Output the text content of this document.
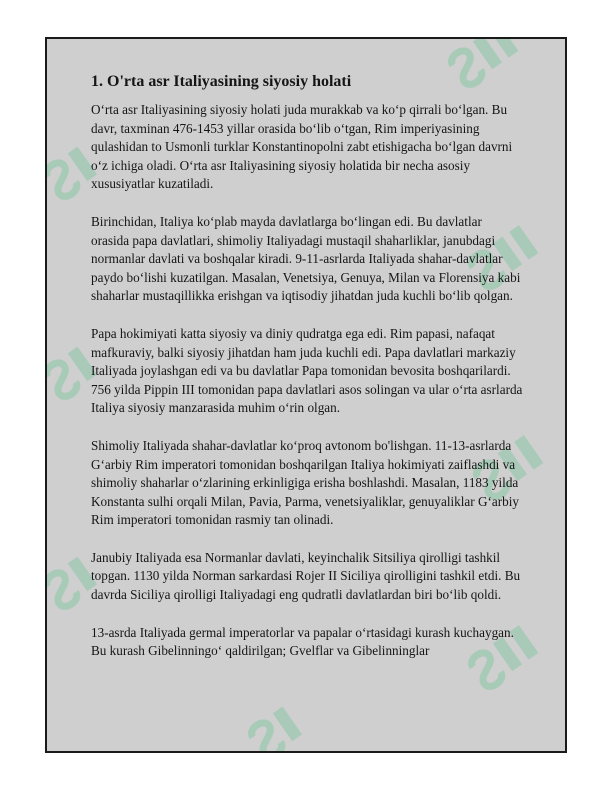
1. O'rta asr Italiyasining siyosiy holati

O‘rta asr Italiyasining siyosiy holati juda murakkab va ko‘p qirrali bo‘lgan. Bu davr, taxminan 476-1453 yillar orasida bo‘lib o‘tgan, Rim imperiyasining qulashidan to Usmonli turklar Konstantinopolni zabt etishigacha bo‘lgan davrni o‘z ichiga oladi. O‘rta asr Italiyasining siyosiy holatida bir necha asosiy xususiyatlar kuzatiladi.

Birinchidan, Italiya ko‘plab mayda davlatlarga bo‘lingan edi. Bu davlatlar orasida papa davlatlari, shimoliy Italiyadagi mustaqil shaharliklar, janubdagi normanlar davlati va boshqalar kiradi. 9-11-asrlarda Italiyada shahar-davlatlar paydo bo‘lishi kuzatilgan. Masalan, Venetsiya, Genuya, Milan va Florensiya kabi shaharlar mustaqillikka erishgan va iqtisodiy jihatdan juda kuchli bo‘lib qolgan.

Papa hokimiyati katta siyosiy va diniy qudratga ega edi. Rim papasi, nafaqat mafkuraviy, balki siyosiy jihatdan ham juda kuchli edi. Papa davlatlari markaziy Italiyada joylashgan edi va bu davlatlar Papa tomonidan bevosita boshqarilardi. 756 yilda Pippin III tomonidan papa davlatlari asos solingan va ular o‘rta asrlarda Italiya siyosiy manzarasida muhim o‘rin olgan.

Shimoliy Italiyada shahar-davlatlar ko‘proq avtonom bo'lishgan. 11-13-asrlarda G‘arbiy Rim imperatori tomonidan boshqarilgan Italiya hokimiyati zaiflashdi va shimoliy shaharlar o‘zlarining erkinligiga erisha boshlashdi. Masalan, 1183 yilda Konstanta sulhi orqali Milan, Pavia, Parma, venetsiyaliklar, genuyaliklar G‘arbiy Rim imperatori tomonidan rasmiy tan olinadi.

Janubiy Italiyada esa Normanlar davlati, keyinchalik Sitsiliya qirolligi tashkil topgan. 1130 yilda Norman sarkardasi Rojer II Siciliya qirolligini tashkil etdi. Bu davrda Siciliya qirolligi Italiyadagi eng qudratli davlatlardan biri bo‘lib qoldi.

13-asrda Italiyada germal imperatorlar va papalar o‘rtasidagi kurash kuchaygan. Bu kurash Gibelinningo‘ qaldirilgan; Gvelflar va Gibelinninglar
